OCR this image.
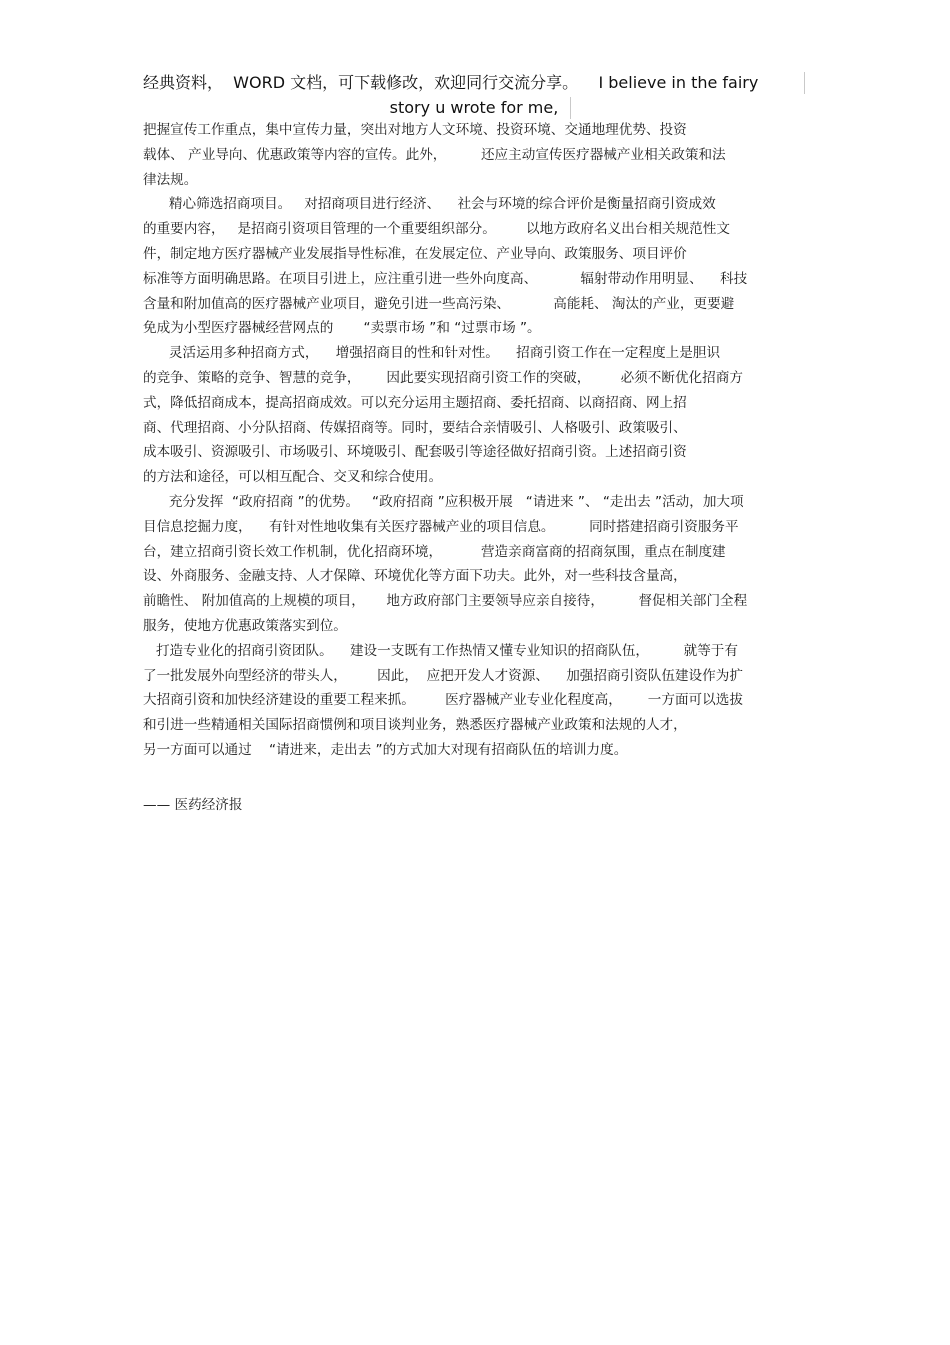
经典资料，  WORD 文档，可下载修改，欢迎同行交流分享。    I believe in the fairy
story u wrote for me,
把握宣传工作重点，集中宣传力量，突出对地方人文环境、投资环境、交通地理优势、投资
载体、 产业导向、优惠政策等内容的宣传。此外，        还应主动宣传医疗器械产业相关政策和法
律法规。
精心筛选招商项目。   对招商项目进行经济、    社会与环境的综合评价是衡量招商引资成效
的重要内容，   是招商引资项目管理的一个重要组织部分。       以地方政府名义出台相关规范性文
件，制定地方医疗器械产业发展指导性标准，在发展定位、产业导向、政策服务、项目评价
标准等方面明确思路。在项目引进上，应注重引进一些外向度高、          辐射带动作用明显、    科技
含量和附加值高的医疗器械产业项目，避免引进一些高污染、          高能耗、 淘汰的产业，更要避
免成为小型医疗器械经营网点的       “卖票市场 ”和 “过票市场 ”。
灵活运用多种招商方式，    增强招商目的性和针对性。    招商引资工作在一定程度上是胆识
的竞争、策略的竞争、智慧的竞争，      因此要实现招商引资工作的突破，       必须不断优化招商方
式，降低招商成本，提高招商成效。可以充分运用主题招商、委托招商、以商招商、网上招
商、代理招商、小分队招商、传媒招商等。同时，要结合亲情吸引、人格吸引、政策吸引、
成本吸引、资源吸引、市场吸引、环境吸引、配套吸引等途径做好招商引资。上述招商引资
的方法和途径，可以相互配合、交叉和综合使用。
充分发挥  “政府招商 ”的优势。   “政府招商 ”应积极开展   “请进来 ”、 “走出去 ”活动，加大项
目信息挖掘力度，    有针对性地收集有关医疗器械产业的项目信息。        同时搭建招商引资服务平
台，建立招商引资长效工作机制，优化招商环境，         营造亲商富商的招商氛围，重点在制度建
设、外商服务、金融支持、人才保障、环境优化等方面下功夫。此外，对一些科技含量高，
前瞻性、 附加值高的上规模的项目，     地方政府部门主要领导应亲自接待，        督促相关部门全程
服务，使地方优惠政策落实到位。
打造专业化的招商引资团队。    建设一支既有工作热情又懂专业知识的招商队伍，        就等于有
了一批发展外向型经济的带头人，       因此，  应把开发人才资源、    加强招商引资队伍建设作为扩
大招商引资和加快经济建设的重要工程来抓。       医疗器械产业专业化程度高，      一方面可以选拔
和引进一些精通相关国际招商惯例和项目谈判业务，熟悉医疗器械产业政策和法规的人才，
另一方面可以通过    “请进来，走出去 ”的方式加大对现有招商队伍的培训力度。
—— 医药经济报
